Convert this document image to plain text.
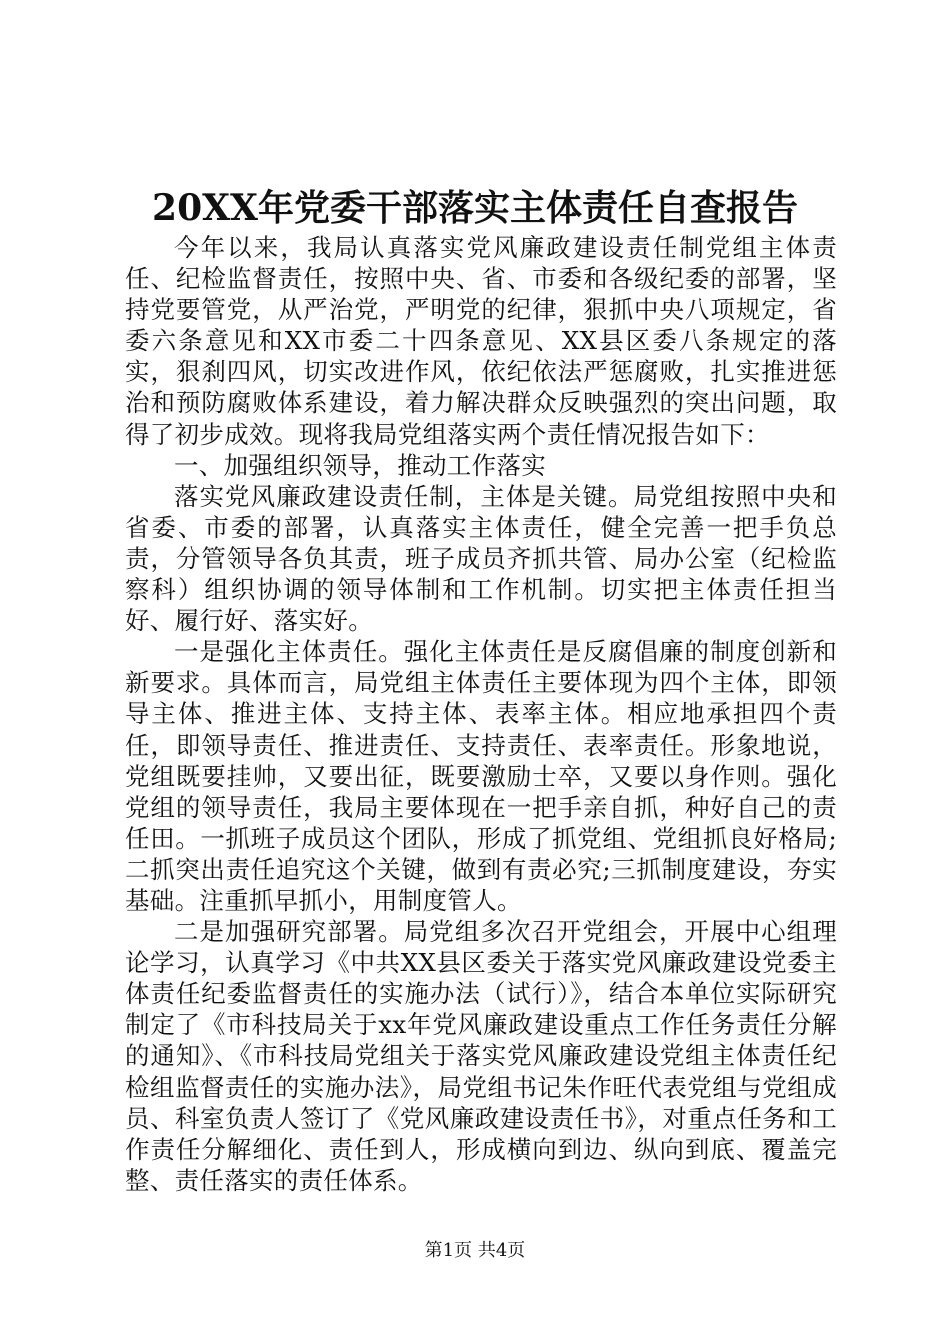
20XX年党委干部落实主体责任自查报告

今年以来，我局认真落实党风廉政建设责任制党组主体责任、纪检监督责任，按照中央、省、市委和各级纪委的部署，坚持党要管党，从严治党，严明党的纪律，狠抓中央八项规定，省委六条意见和XX市委二十四条意见、XX县区委八条规定的落实，狠刹四风，切实改进作风，依纪依法严惩腐败，扎实推进惩治和预防腐败体系建设，着力解决群众反映强烈的突出问题，取得了初步成效。现将我局党组落实两个责任情况报告如下：

一、加强组织领导，推动工作落实

落实党风廉政建设责任制，主体是关键。局党组按照中央和省委、市委的部署，认真落实主体责任，健全完善一把手负总责，分管领导各负其责，班子成员齐抓共管、局办公室（纪检监察科）组织协调的领导体制和工作机制。切实把主体责任担当好、履行好、落实好。

一是强化主体责任。强化主体责任是反腐倡廉的制度创新和新要求。具体而言，局党组主体责任主要体现为四个主体，即领导主体、推进主体、支持主体、表率主体。相应地承担四个责任，即领导责任、推进责任、支持责任、表率责任。形象地说，党组既要挂帅，又要出征，既要激励士卒，又要以身作则。强化党组的领导责任，我局主要体现在一把手亲自抓，种好自己的责任田。一抓班子成员这个团队，形成了抓党组、党组抓良好格局;二抓突出责任追究这个关键，做到有责必究;三抓制度建设，夯实基础。注重抓早抓小，用制度管人。

二是加强研究部署。局党组多次召开党组会，开展中心组理论学习，认真学习《中共XX县区委关于落实党风廉政建设党委主体责任纪委监督责任的实施办法（试行）》，结合本单位实际研究制定了《市科技局关于xx年党风廉政建设重点工作任务责任分解的通知》、《市科技局党组关于落实党风廉政建设党组主体责任纪检组监督责任的实施办法》，局党组书记朱作旺代表党组与党组成员、科室负责人签订了《党风廉政建设责任书》，对重点任务和工作责任分解细化、责任到人，形成横向到边、纵向到底、覆盖完整、责任落实的责任体系。

第1页 共4页
